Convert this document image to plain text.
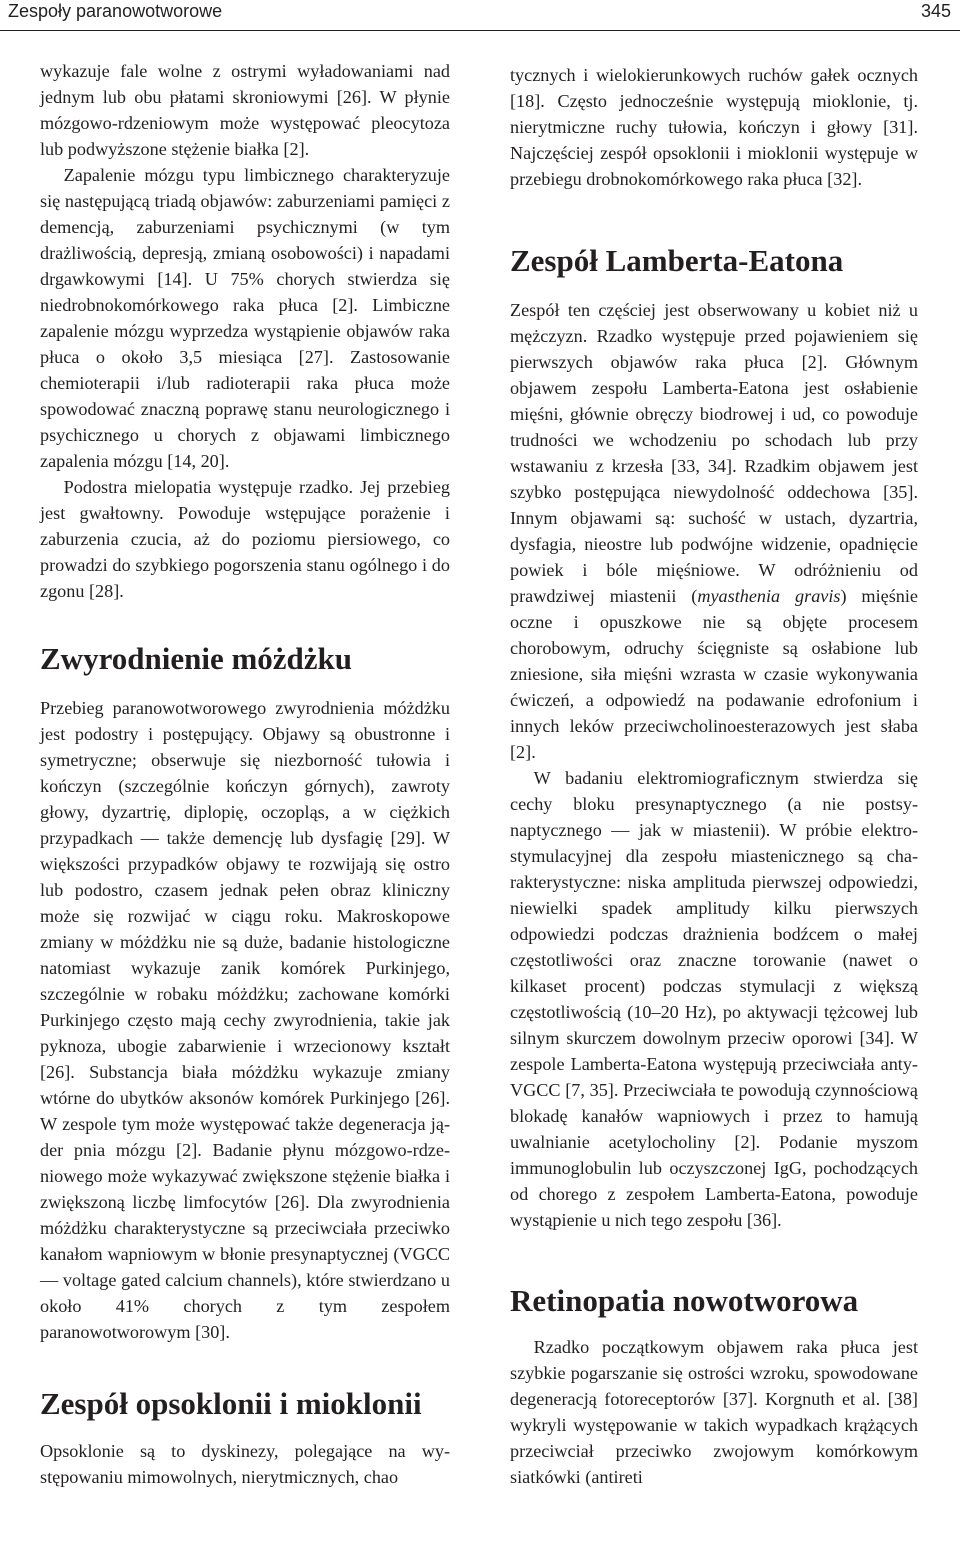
Zespoły paranowotworowe	345

wykazuje fale wolne z ostrymi wyładowaniami nad jednym lub obu płatami skroniowymi [26]. W płynie mózgowo-rdzeniowym może występować pleocytoza lub podwyższone stężenie białka [2].

Zapalenie mózgu typu limbicznego charakteryzuje się następującą triadą objawów: zaburzeniami pamięci z demencją, zaburzeniami psychicznymi (w tym drażliwością, depresją, zmianą osobowości) i napadami drgawkowymi [14]. U 75% chorych stwierdza się niedrobnokomórkowego raka płuca [2]. Limbiczne zapalenie mózgu wyprzedza wystąpienie objawów raka płuca o około 3,5 miesiąca [27]. Zastosowanie chemioterapii i/lub radioterapii raka płuca może spowodować znaczną poprawę stanu neurologicznego i psychicznego u chorych z objawami limbicznego zapalenia mózgu [14, 20].

Podostra mielopatia występuje rzadko. Jej przebieg jest gwałtowny. Powoduje wstępujące porażenie i zaburzenia czucia, aż do poziomu piersiowego, co prowadzi do szybkiego pogorszenia stanu ogólnego i do zgonu [28].

Zwyrodnienie móżdżku

Przebieg paranowotworowego zwyrodnienia móżdżku jest podostry i postępujący. Objawy są obustronne i symetryczne; obserwuje się niezborność tułowia i kończyn (szczególnie kończyn górnych), zawroty głowy, dyzartrię, diplopię, oczopląs, a w ciężkich przypadkach — także demencję lub dysfagię [29]. W większości przypadków objawy te rozwijają się ostro lub podostro, czasem jednak pełen obraz kliniczny może się rozwijać w ciągu roku. Makroskopowe zmiany w móżdżku nie są duże, badanie histologiczne natomiast wykazuje zanik komórek Purkinjego, szczególnie w robaku móżdżku; zachowane komórki Purkinjego często mają cechy zwyrodnienia, takie jak pyknoza, ubogie zabarwienie i wrzecionowy kształt [26]. Substancja biała móżdżku wykazuje zmiany wtórne do ubytków aksonów komórek Purkinjego [26]. W zespole tym może występować także degeneracja jąder pnia mózgu [2]. Badanie płynu mózgowo-rdzeniowego może wykazywać zwiększone stężenie białka i zwiększoną liczbę limfocytów [26]. Dla zwyrodnienia móżdżku charakterystyczne są przeciwciała przeciwko kanałom wapniowym w błonie presynaptycznej (VGCC — voltage gated calcium channels), które stwierdzano u około 41% chorych z tym zespołem paranowotworowym [30].

Zespół opsoklonii i mioklonii

Opsoklonie są to dyskinezy, polegające na występowaniu mimowolnych, nierytmicznych, chao

tycznych i wielokierunkowych ruchów gałek ocznych [18]. Często jednocześnie występują mioklonie, tj. nierytmiczne ruchy tułowia, kończyn i głowy [31]. Najczęściej zespół opsoklonii i mioklonii występuje w przebiegu drobnokomórkowego raka płuca [32].

Zespół Lamberta-Eatona

Zespół ten częściej jest obserwowany u kobiet niż u mężczyzn. Rzadko występuje przed pojawieniem się pierwszych objawów raka płuca [2]. Głównym objawem zespołu Lamberta-Eatona jest osłabienie mięśni, głównie obręczy biodrowej i ud, co powoduje trudności we wchodzeniu po schodach lub przy wstawaniu z krzesła [33, 34]. Rzadkim objawem jest szybko postępująca niewydolność oddechowa [35]. Innym objawami są: suchość w ustach, dyzartria, dysfagia, nieostre lub podwójne widzenie, opadnięcie powiek i bóle mięśniowe. W odróżnieniu od prawdziwej miastenii (myasthenia gravis) mięśnie oczne i opuszkowe nie są objęte procesem chorobowym, odruchy ścięgniste są osłabione lub zniesione, siła mięśni wzrasta w czasie wykonywania ćwiczeń, a odpowiedź na podawanie edrofonium i innych leków przeciwcholinoesterazowych jest słaba [2].

W badaniu elektromiograficznym stwierdza się cechy bloku presynaptycznego (a nie postsynaptycznego — jak w miastenii). W próbie elektrostymulacyjnej dla zespołu miastenicznego są charakterystyczne: niska amplituda pierwszej odpowiedzi, niewielki spadek amplitudy kilku pierwszych odpowiedzi podczas drażnienia bodźcem o małej częstotliwości oraz znaczne torowanie (nawet o kilkaset procent) podczas stymulacji z większą częstotliwością (10–20 Hz), po aktywacji tężcowej lub silnym skurczem dowolnym przeciw oporowi [34]. W zespole Lamberta-Eatona występują przeciwciała anty-VGCC [7, 35]. Przeciwciała te powodują czynnościową blokadę kanałów wapniowych i przez to hamują uwalnianie acetylocholiny [2]. Podanie myszom immunoglobulin lub oczyszczonej IgG, pochodzących od chorego z zespołem Lamberta-Eatona, powoduje wystąpienie u nich tego zespołu [36].

Retinopatia nowotworowa

Rzadko początkowym objawem raka płuca jest szybkie pogarszanie się ostrości wzroku, spowodowane degeneracją fotoreceptorów [37]. Korgnuth et al. [38] wykryli występowanie w takich wypadkach krążących przeciwciał przeciwko zwojowym komórkowym siatkówki (antireti
